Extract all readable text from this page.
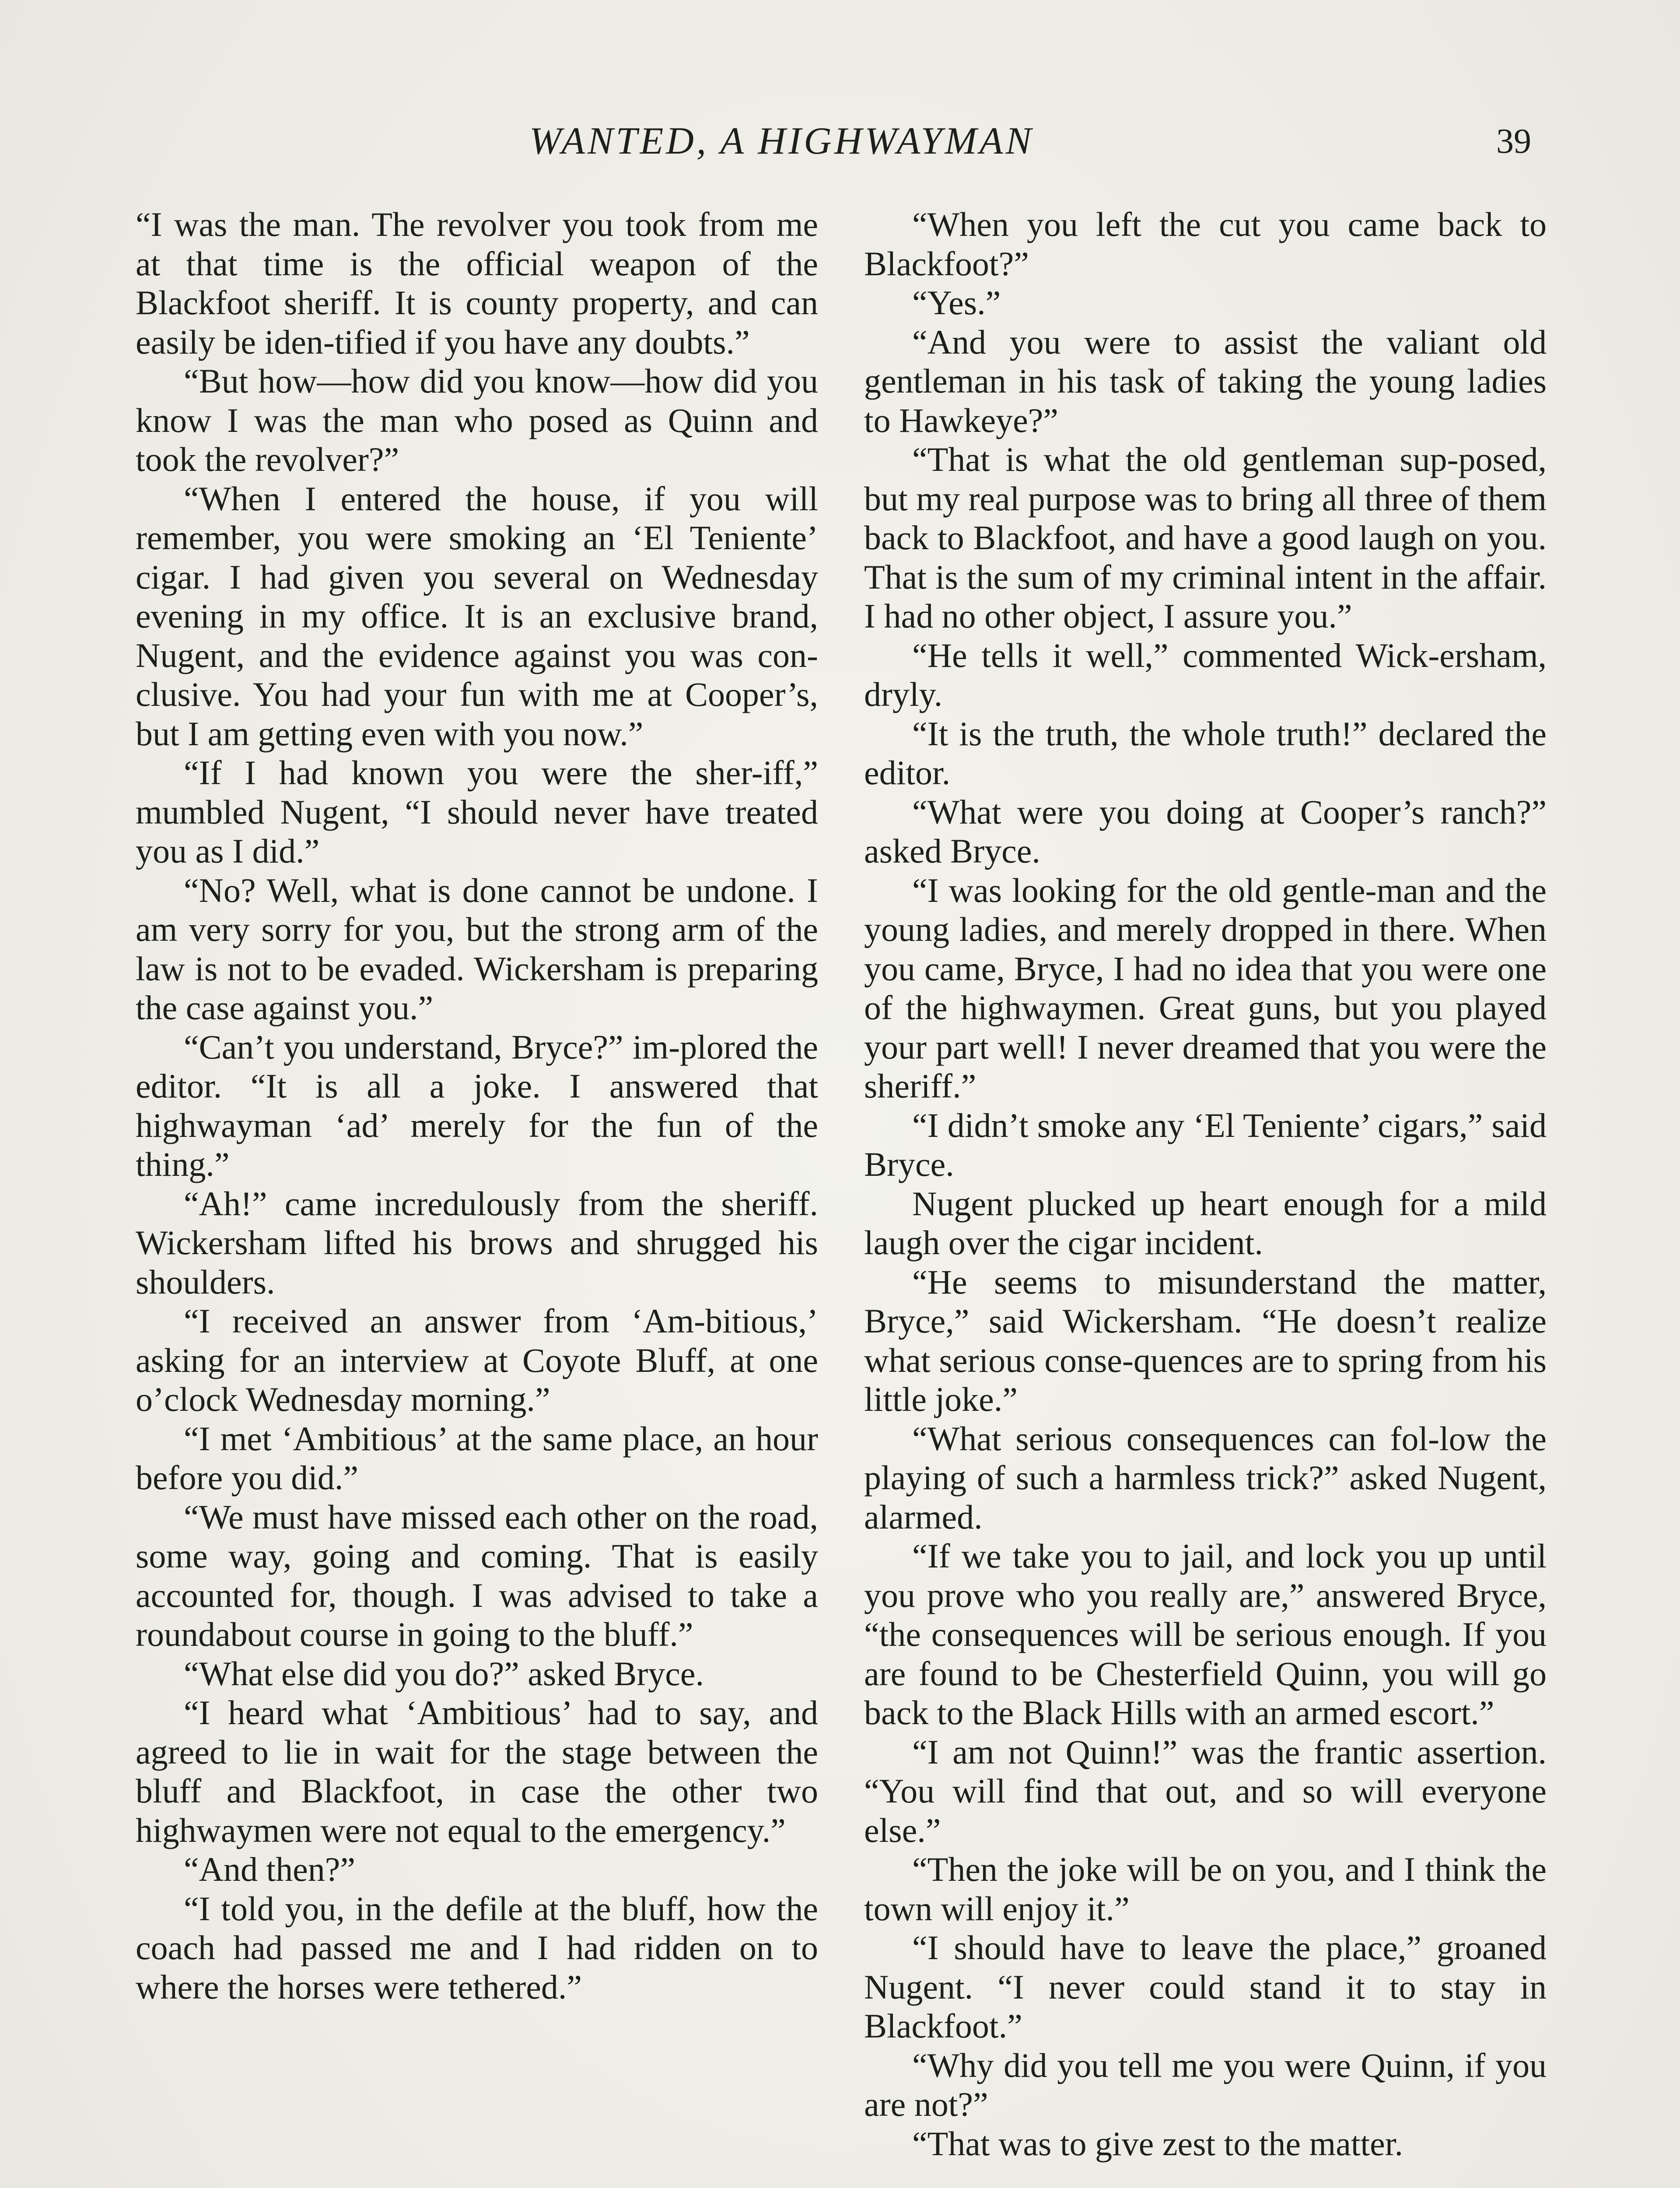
WANTED, A HIGHWAYMAN	39

“I was the man. The revolver you took from me at that time is the official weapon of the Blackfoot sheriff. It is county property, and can easily be iden-tified if you have any doubts.”

“But how—how did you know—how did you know I was the man who posed as Quinn and took the revolver?”

“When I entered the house, if you will remember, you were smoking an ‘El Teniente’ cigar. I had given you several on Wednesday evening in my office. It is an exclusive brand, Nugent, and the evidence against you was con-clusive. You had your fun with me at Cooper’s, but I am getting even with you now.”

“If I had known you were the sher-iff,” mumbled Nugent, “I should never have treated you as I did.”

“No? Well, what is done cannot be undone. I am very sorry for you, but the strong arm of the law is not to be evaded. Wickersham is preparing the case against you.”

“Can’t you understand, Bryce?” im-plored the editor. “It is all a joke. I answered that highwayman ‘ad’ merely for the fun of the thing.”

“Ah!” came incredulously from the sheriff. Wickersham lifted his brows and shrugged his shoulders.

“I received an answer from ‘Am-bitious,’ asking for an interview at Coyote Bluff, at one o’clock Wednesday morning.”

“I met ‘Ambitious’ at the same place, an hour before you did.”

“We must have missed each other on the road, some way, going and coming. That is easily accounted for, though. I was advised to take a roundabout course in going to the bluff.”

“What else did you do?” asked Bryce.

“I heard what ‘Ambitious’ had to say, and agreed to lie in wait for the stage between the bluff and Blackfoot, in case the other two highwaymen were not equal to the emergency.”

“And then?”

“I told you, in the defile at the bluff, how the coach had passed me and I had ridden on to where the horses were tethered.”

“When you left the cut you came back to Blackfoot?”

“Yes.”

“And you were to assist the valiant old gentleman in his task of taking the young ladies to Hawkeye?”

“That is what the old gentleman sup-posed, but my real purpose was to bring all three of them back to Blackfoot, and have a good laugh on you. That is the sum of my criminal intent in the affair. I had no other object, I assure you.”

“He tells it well,” commented Wick-ersham, dryly.

“It is the truth, the whole truth!” declared the editor.

“What were you doing at Cooper’s ranch?” asked Bryce.

“I was looking for the old gentle-man and the young ladies, and merely dropped in there. When you came, Bryce, I had no idea that you were one of the highwaymen. Great guns, but you played your part well! I never dreamed that you were the sheriff.”

“I didn’t smoke any ‘El Teniente’ cigars,” said Bryce.

Nugent plucked up heart enough for a mild laugh over the cigar incident.

“He seems to misunderstand the matter, Bryce,” said Wickersham. “He doesn’t realize what serious conse-quences are to spring from his little joke.”

“What serious consequences can fol-low the playing of such a harmless trick?” asked Nugent, alarmed.

“If we take you to jail, and lock you up until you prove who you really are,” answered Bryce, “the consequences will be serious enough. If you are found to be Chesterfield Quinn, you will go back to the Black Hills with an armed escort.”

“I am not Quinn!” was the frantic assertion. “You will find that out, and so will everyone else.”

“Then the joke will be on you, and I think the town will enjoy it.”

“I should have to leave the place,” groaned Nugent. “I never could stand it to stay in Blackfoot.”

“Why did you tell me you were Quinn, if you are not?”

“That was to give zest to the matter.
